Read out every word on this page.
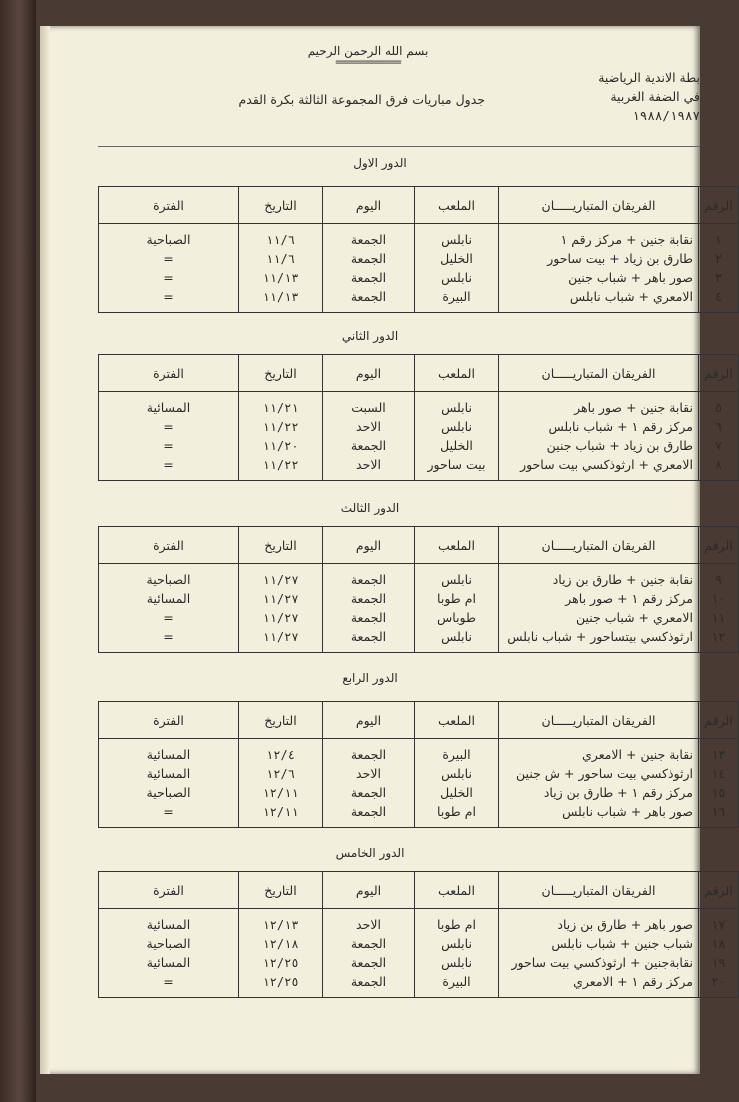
بسم الله الرحمن الرحيم
=============
بطة الاندية الرياضية
في الضفة الغربية
١٩٨٨/١٩٨٧
جدول مباريات فرق المجموعة الثالثة بكرة القدم
الدور الاول
الرقم	الفريقان المتباريـــــان	الملعب	اليوم	التاريخ	الفترة

١	نقابة جنين + مركز رقم ١	نابلس	الجمعة	١١/٦	الصباحية
٢	طارق بن زياد + بيت ساحور	الخليل	الجمعة	١١/٦	=
٣	صور باهر + شباب جنين	نابلس	الجمعة	١١/١٣	=
٤	الامعري + شباب نابلس	البيرة	الجمعة	١١/١٣	=

الدور الثاني
الرقم	الفريقان المتباريـــــان	الملعب	اليوم	التاريخ	الفترة

٥	نقابة جنين + صور باهر	نابلس	السبت	١١/٢١	المسائية
٦	مركز رقم ١ + شباب نابلس	نابلس	الاحد	١١/٢٢	=
٧	طارق بن زياد + شباب جنين	الخليل	الجمعة	١١/٢٠	=
٨	الامعري + ارثوذكسي بيت ساحور	بيت ساحور	الاحد	١١/٢٢	=

الدور الثالث
الرقم	الفريقان المتباريـــــان	الملعب	اليوم	التاريخ	الفترة

٩	نقابة جنين + طارق بن زياد	نابلس	الجمعة	١١/٢٧	الصباحية
١٠	مركز رقم ١ + صور باهر	ام طوبا	الجمعة	١١/٢٧	المسائية
١١	الامعري + شباب جنين	طوباس	الجمعة	١١/٢٧	=
١٢	ارثوذكسي بيتساحور + شباب نابلس	نابلس	الجمعة	١١/٢٧	=

الدور الرابع
الرقم	الفريقان المتباريـــــان	الملعب	اليوم	التاريخ	الفترة

١٣	نقابة جنين + الامعري	البيرة	الجمعة	١٢/٤	المسائية
١٤	ارثوذكسي بيت ساحور + ش جنين	نابلس	الاحد	١٢/٦	المسائية
١٥	مركز رقم ١ + طارق بن زياد	الخليل	الجمعة	١٢/١١	الصباحية
١٦	صور باهر + شباب نابلس	ام طوبا	الجمعة	١٢/١١	=

الدور الخامس
الرقم	الفريقان المتباريـــــان	الملعب	اليوم	التاريخ	الفترة

١٧	صور باهر + طارق بن زياد	ام طوبا	الاحد	١٢/١٣	المسائية
١٨	شباب جنين + شباب نابلس	نابلس	الجمعة	١٢/١٨	الصباحية
١٩	نقابةجنين + ارثوذكسي بيت ساحور	نابلس	الجمعة	١٢/٢٥	المسائية
٢٠	مركز رقم ١ + الامعري	البيرة	الجمعة	١٢/٢٥	=
